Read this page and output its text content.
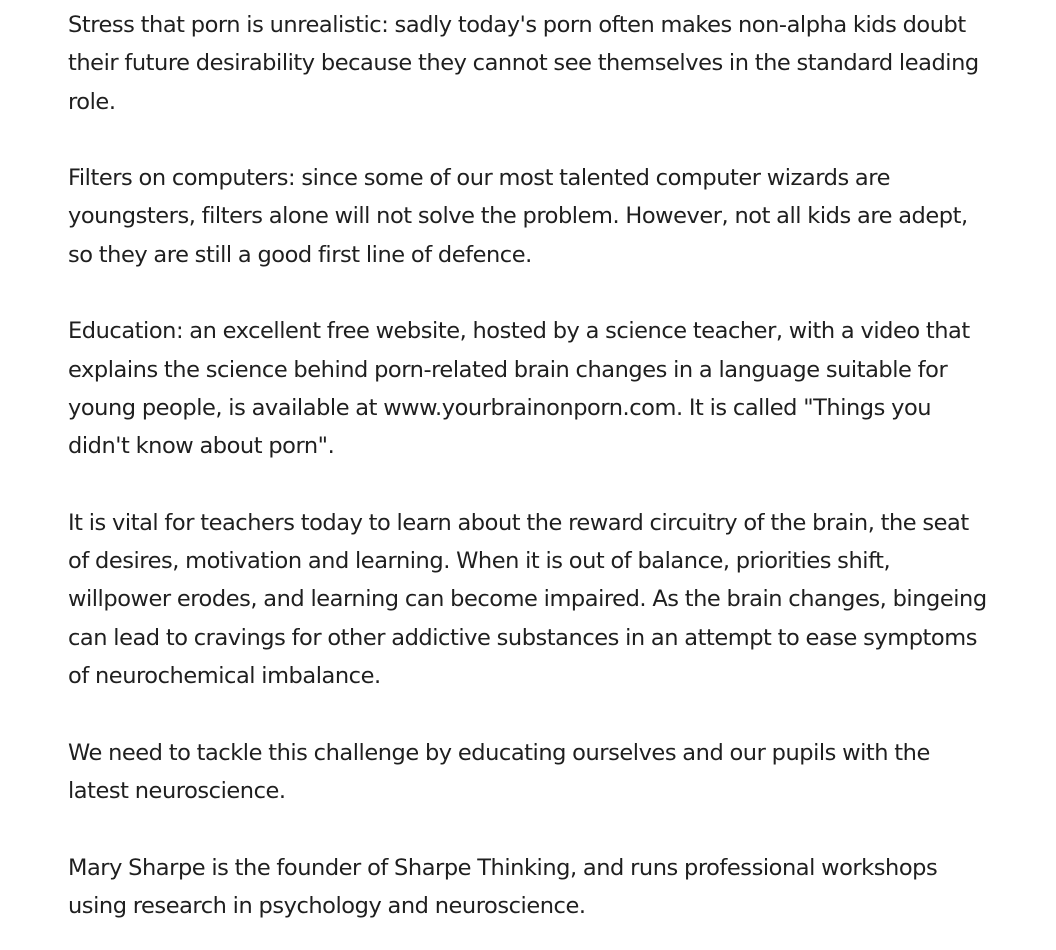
Stress that porn is unrealistic: sadly today's porn often makes non-alpha kids doubt their future desirability because they cannot see themselves in the standard leading role.

Filters on computers: since some of our most talented computer wizards are youngsters, filters alone will not solve the problem. However, not all kids are adept, so they are still a good first line of defence.

Education: an excellent free website, hosted by a science teacher, with a video that explains the science behind porn-related brain changes in a language suitable for young people, is available at www.yourbrainonporn.com. It is called "Things you didn't know about porn".

It is vital for teachers today to learn about the reward circuitry of the brain, the seat of desires, motivation and learning. When it is out of balance, priorities shift, willpower erodes, and learning can become impaired. As the brain changes, bingeing can lead to cravings for other addictive substances in an attempt to ease symptoms of neurochemical imbalance.

We need to tackle this challenge by educating ourselves and our pupils with the latest neuroscience.

Mary Sharpe is the founder of Sharpe Thinking, and runs professional workshops using research in psychology and neuroscience.
